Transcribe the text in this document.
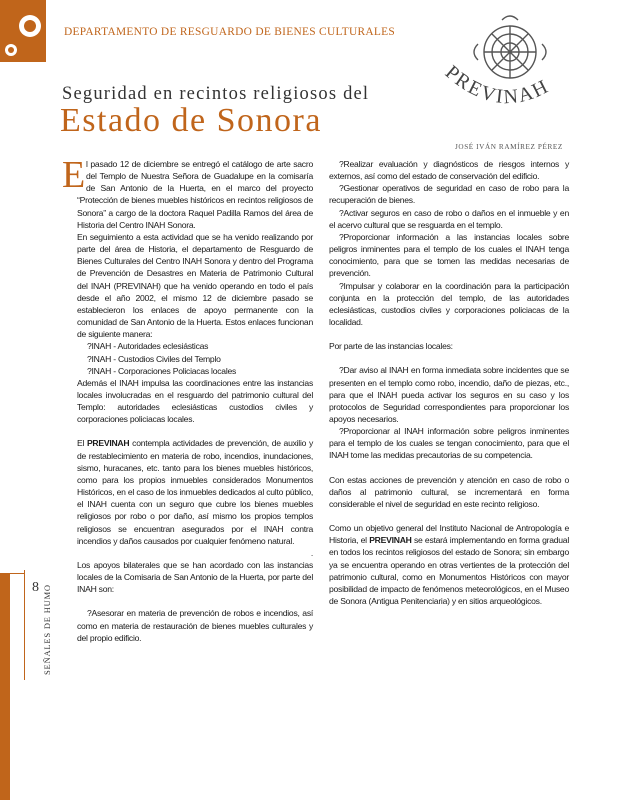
DEPARTAMENTO DE RESGUARDO DE BIENES CULTURALES
Seguridad en recintos religiosos del
Estado de Sonora
PREVINAH
JOSÉ IVÁN RAMÍREZ PÉREZ

El pasado 12 de diciembre se entregó el catálogo de arte sacro del Templo de Nuestra Señora de Guadalupe en la comisaría de San Antonio de la Huerta, en el marco del proyecto “Protección de bienes muebles históricos en recintos religiosos de Sonora” a cargo de la doctora Raquel Padilla Ramos del área de Historia del Centro INAH Sonora.

En seguimiento a esta actividad que se ha venido realizando por parte del área de Historia, el departamento de Resguardo de Bienes Culturales del Centro INAH Sonora y dentro del Programa de Prevención de Desastres en Materia de Patrimonio Cultural del INAH (PREVINAH) que ha venido operando en todo el país desde el año 2002, el mismo 12 de diciembre pasado se establecieron los enlaces de apoyo permanente con la comunidad de San Antonio de la Huerta. Estos enlaces funcionan de siguiente manera:

?INAH - Autoridades eclesiásticas

?INAH - Custodios Civiles del Templo

?INAH - Corporaciones Policiacas locales

Además el INAH impulsa las coordinaciones entre las instancias locales involucradas en el resguardo del patrimonio cultural del Templo: autoridades eclesiásticas custodios civiles y corporaciones policiacas locales.

El PREVINAH contempla actividades de prevención, de auxilio y de restablecimiento en materia de robo, incendios, inundaciones, sismo, huracanes, etc. tanto para los bienes muebles históricos, como para los propios inmuebles considerados Monumentos Históricos, en el caso de los inmuebles dedicados al culto público, el INAH cuenta con un seguro que cubre los bienes muebles religiosos por robo o por daño, así mismo los propios templos religiosos se encuentran asegurados por el INAH contra incendios y daños causados por cualquier fenómeno natural.

.

Los apoyos bilaterales que se han acordado con las instancias locales de la Comisaria de San Antonio de la Huerta, por parte del INAH son:

?Asesorar en materia de prevención de robos e incendios, así como en materia de restauración de bienes muebles culturales y del propio edificio.

?Realizar evaluación y diagnósticos de riesgos internos y externos, así como del estado de conservación del edificio.

?Gestionar operativos de seguridad en caso de robo para la recuperación de bienes.

?Activar seguros en caso de robo o daños en el inmueble y en el acervo cultural que se resguarda en el templo.

?Proporcionar información a las instancias locales sobre peligros inminentes para el templo de los cuales el INAH tenga conocimiento, para que se tomen las medidas necesarias de prevención.

?Impulsar y colaborar en la coordinación para la participación conjunta en la protección del templo, de las autoridades eclesiásticas, custodios civiles y corporaciones policiacas de la localidad.

Por parte de las instancias locales:

?Dar aviso al INAH en forma inmediata sobre incidentes que se presenten en el templo como robo, incendio, daño de piezas, etc., para que el INAH pueda activar los seguros en su caso y los protocolos de Seguridad correspondientes para proporcionar los apoyos necesarios.

?Proporcionar al INAH información sobre peligros inminentes para el templo de los cuales se tengan conocimiento, para que el INAH tome las medidas precautorias de su competencia.

Con estas acciones de prevención y atención en caso de robo o daños al patrimonio cultural, se incrementará en forma considerable el nivel de seguridad en este recinto religioso.

Como un objetivo general del Instituto Nacional de Antropología e Historia, el PREVINAH se estará implementando en forma gradual en todos los recintos religiosos del estado de Sonora; sin embargo ya se encuentra operando en otras vertientes de la protección del patrimonio cultural, como en Monumentos Históricos con mayor posibilidad de impacto de fenómenos meteorológicos, en el Museo de Sonora (Antigua Penitenciaria) y en sitios arqueológicos.

8 SEÑALES DE HUMO
